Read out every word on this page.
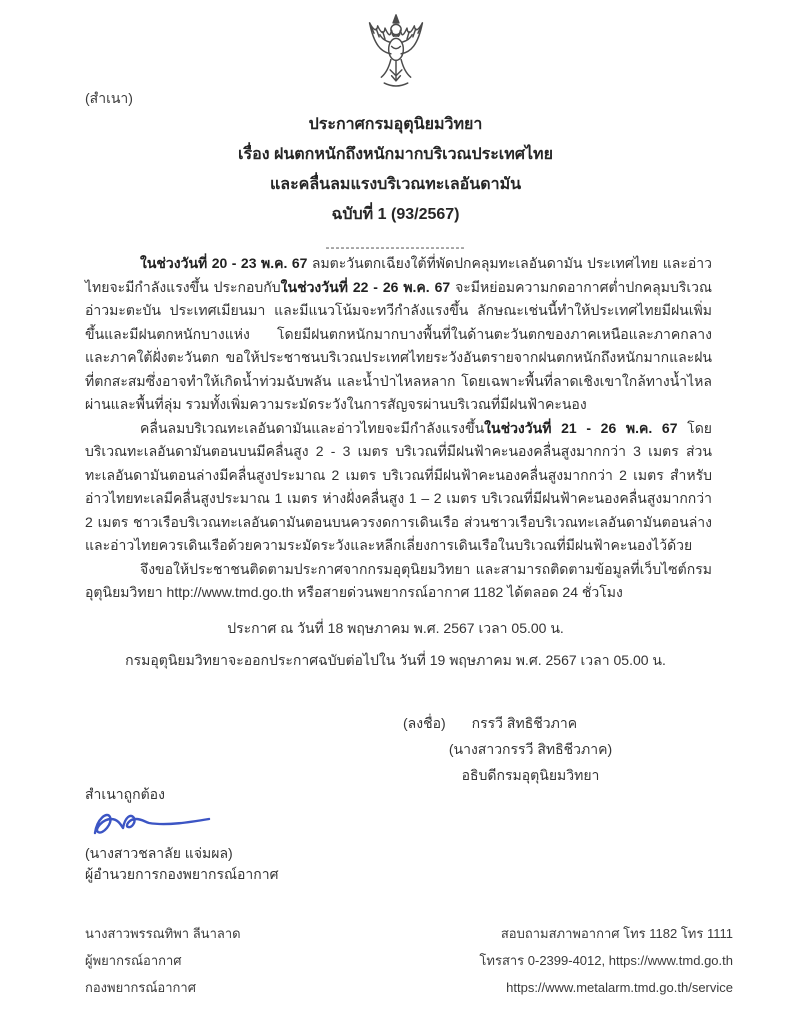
(สำเนา)
ประกาศกรมอุตุนิยมวิทยา
เรื่อง ฝนตกหนักถึงหนักมากบริเวณประเทศไทย
และคลื่นลมแรงบริเวณทะเลอันดามัน
ฉบับที่ 1 (93/2567)
----------------------------

ในช่วงวันที่ 20 - 23 พ.ค. 67 ลมตะวันตกเฉียงใต้ที่พัดปกคลุมทะเลอันดามัน ประเทศไทย และอ่าวไทยจะมีกำลังแรงขึ้น ประกอบกับในช่วงวันที่ 22 - 26 พ.ค. 67 จะมีหย่อมความกดอากาศต่ำปกคลุมบริเวณอ่าวมะตะบัน ประเทศเมียนมา และมีแนวโน้มจะทวีกำลังแรงขึ้น ลักษณะเช่นนี้ทำให้ประเทศไทยมีฝนเพิ่มขึ้นและมีฝนตกหนักบางแห่ง โดยมีฝนตกหนักมากบางพื้นที่ในด้านตะวันตกของภาคเหนือและภาคกลาง และภาคใต้ฝั่งตะวันตก ขอให้ประชาชนบริเวณประเทศไทยระวังอันตรายจากฝนตกหนักถึงหนักมากและฝนที่ตกสะสมซึ่งอาจทำให้เกิดน้ำท่วมฉับพลัน และน้ำป่าไหลหลาก โดยเฉพาะพื้นที่ลาดเชิงเขาใกล้ทางน้ำไหลผ่านและพื้นที่ลุ่ม รวมทั้งเพิ่มความระมัดระวังในการสัญจรผ่านบริเวณที่มีฝนฟ้าคะนอง

คลื่นลมบริเวณทะเลอันดามันและอ่าวไทยจะมีกำลังแรงขึ้นในช่วงวันที่ 21 - 26 พ.ค. 67 โดยบริเวณทะเลอันดามันตอนบนมีคลื่นสูง 2 - 3 เมตร บริเวณที่มีฝนฟ้าคะนองคลื่นสูงมากกว่า 3 เมตร ส่วนทะเลอันดามันตอนล่างมีคลื่นสูงประมาณ 2 เมตร บริเวณที่มีฝนฟ้าคะนองคลื่นสูงมากกว่า 2 เมตร สำหรับอ่าวไทยทะเลมีคลื่นสูงประมาณ 1 เมตร ห่างฝั่งคลื่นสูง 1 – 2 เมตร บริเวณที่มีฝนฟ้าคะนองคลื่นสูงมากกว่า 2 เมตร ชาวเรือบริเวณทะเลอันดามันตอนบนควรงดการเดินเรือ ส่วนชาวเรือบริเวณทะเลอันดามันตอนล่างและอ่าวไทยควรเดินเรือด้วยความระมัดระวังและหลีกเลี่ยงการเดินเรือในบริเวณที่มีฝนฟ้าคะนองไว้ด้วย

จึงขอให้ประชาชนติดตามประกาศจากกรมอุตุนิยมวิทยา และสามารถติดตามข้อมูลที่เว็บไซต์กรมอุตุนิยมวิทยา http://www.tmd.go.th หรือสายด่วนพยากรณ์อากาศ 1182 ได้ตลอด 24 ชั่วโมง

ประกาศ ณ วันที่ 18 พฤษภาคม พ.ศ. 2567 เวลา 05.00 น.
กรมอุตุนิยมวิทยาจะออกประกาศฉบับต่อไปใน วันที่ 19 พฤษภาคม พ.ศ. 2567 เวลา 05.00 น.
(ลงชื่อ) กรรวี สิทธิชีวภาค
(นางสาวกรรวี สิทธิชีวภาค)
อธิบดีกรมอุตุนิยมวิทยา
สำเนาถูกต้อง
(นางสาวชลาลัย แจ่มผล)
ผู้อำนวยการกองพยากรณ์อากาศ
นางสาวพรรณทิพา ลีนาลาด
ผู้พยากรณ์อากาศ
กองพยากรณ์อากาศ
สอบถามสภาพอากาศ โทร 1182 โทร 1111
โทรสาร 0-2399-4012, https://www.tmd.go.th
https://www.metalarm.tmd.go.th/service
